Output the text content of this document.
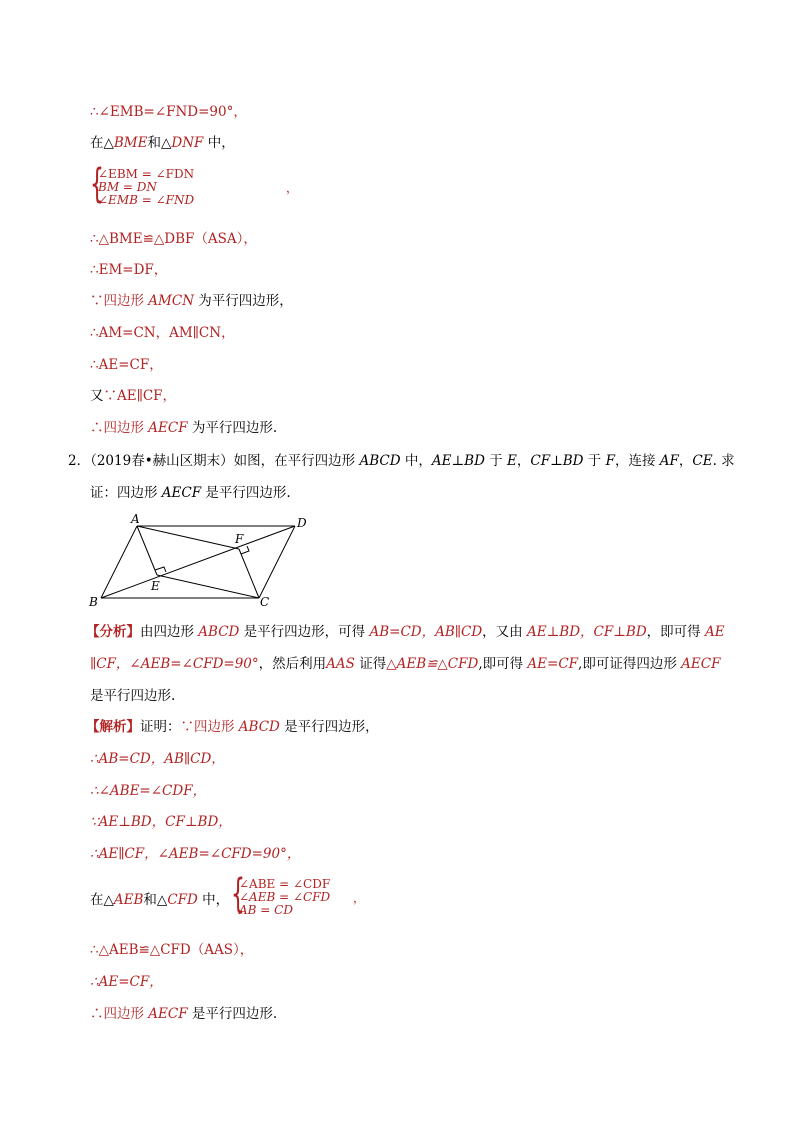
∴∠EMB=∠FND=90°，
在△BME和△DNF 中，
{
∠EBM = ∠FDN
BM = DN
∠EMB = ∠FND
，
∴△BME≌△DBF（ASA），
∴EM=DF，
∵四边形 AMCN 为平行四边形，
∴AM=CN，AM∥CN，
∴AE=CF，
又∵AE∥CF，
∴四边形 AECF 为平行四边形.
2．（2019春•赫山区期末）如图，在平行四边形 ABCD 中，AE⊥BD 于 E，CF⊥BD 于 F，连接 AF，CE. 求
证：四边形 AECF 是平行四边形.
A	D
F
E
B	C
【分析】由四边形 ABCD 是平行四边形，可得 AB=CD，AB∥CD，又由 AE⊥BD，CF⊥BD，即可得 AE
∥CF，∠AEB=∠CFD=90°，然后利用AAS 证得△AEB≌△CFD,即可得 AE=CF,即可证得四边形 AECF
是平行四边形.
【解析】证明：∵四边形 ABCD 是平行四边形，
∴AB=CD，AB∥CD，
∴∠ABE=∠CDF，
∵AE⊥BD，CF⊥BD，
∴AE∥CF，∠AEB=∠CFD=90°，
在△AEB和△CFD 中， {
∠ABE = ∠CDF
∠AEB = ∠CFD
AB = CD
，
∴△AEB≌△CFD（AAS），
∴AE=CF，
∴四边形 AECF 是平行四边形.
